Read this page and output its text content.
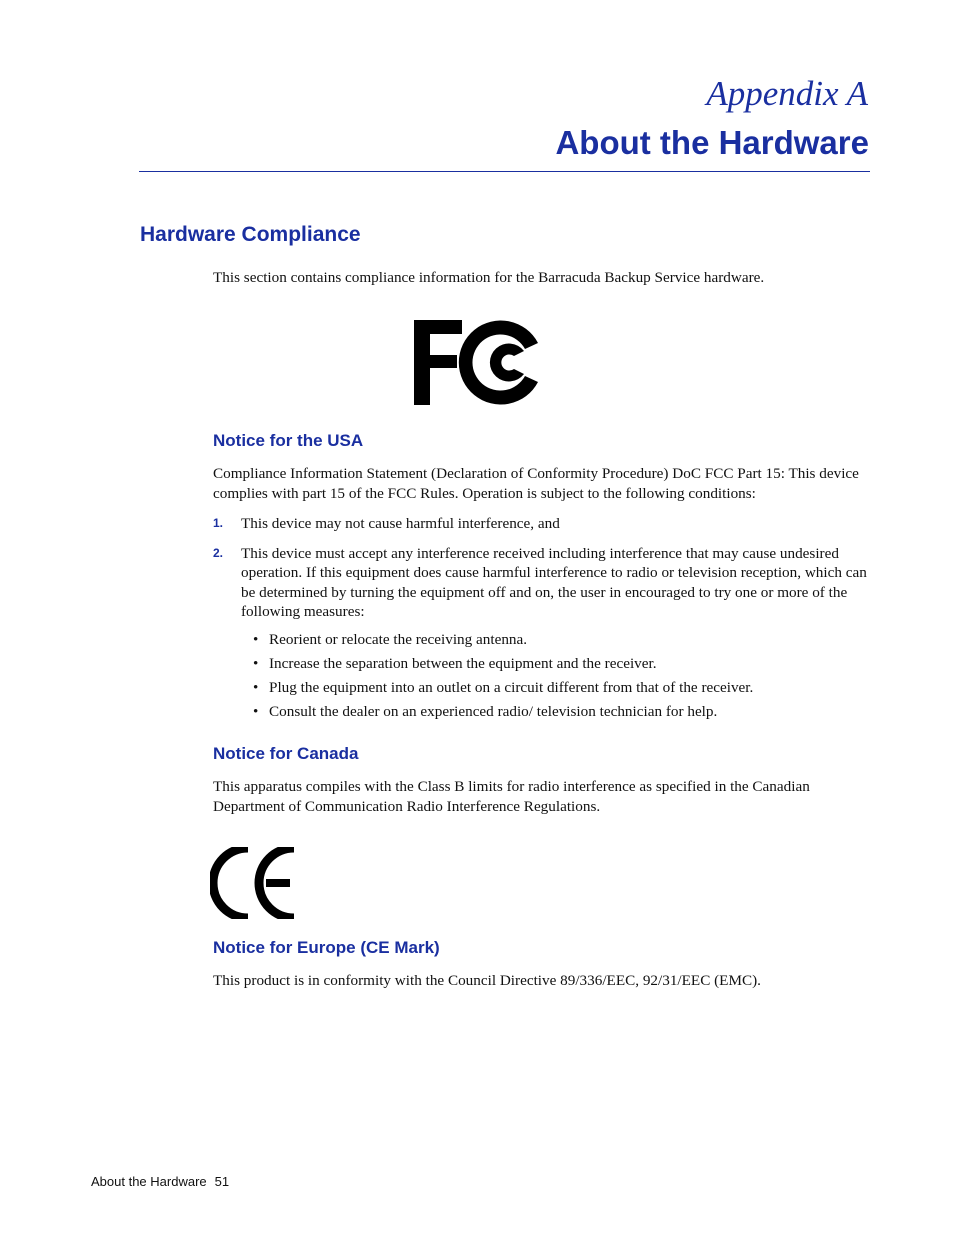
Appendix A
About the Hardware
Hardware Compliance

This section contains compliance information for the Barracuda Backup Service hardware.

Notice for the USA

Compliance Information Statement (Declaration of Conformity Procedure) DoC FCC Part 15: This device complies with part 15 of the FCC Rules. Operation is subject to the following conditions:

1. This device may not cause harmful interference, and
2. This device must accept any interference received including interference that may cause undesired operation. If this equipment does cause harmful interference to radio or television reception, which can be determined by turning the equipment off and on, the user in encouraged to try one or more of the following measures:
• Reorient or relocate the receiving antenna.
• Increase the separation between the equipment and the receiver.
• Plug the equipment into an outlet on a circuit different from that of the receiver.
• Consult the dealer on an experienced radio/ television technician for help.
Notice for Canada

This apparatus compiles with the Class B limits for radio interference as specified in the Canadian Department of Communication Radio Interference Regulations.

Notice for Europe (CE Mark)

This product is in conformity with the Council Directive 89/336/EEC, 92/31/EEC (EMC).

About the Hardware 51
